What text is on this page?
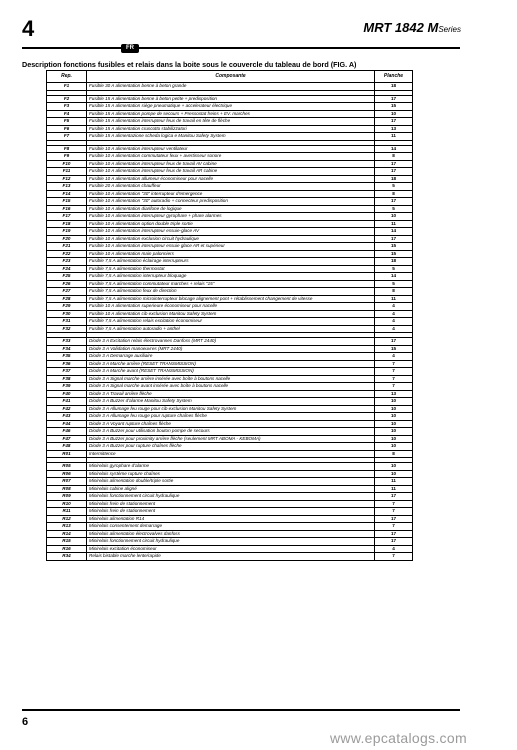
4	MRT 1842 MSeries
FR
Description fonctions fusibles et relais dans la boite sous le couvercle du tableau de bord (FIG. A)
Rep.	Composante	Planche
F1	Fusible 30 A alimentation benne à beton grande	18

F2	Fusible 15 A alimentation benne à beton petite + predisposition	17
F3	Fusible 15 A alimentation siège pneumatique + accelerateur électrique	15
F4	Fusible 15 A alimentation pompe de secours + Pressostat freins + EV. marches	10
F5	Fusible 15 A alimentation interrupteur feux de travail en tête de flèche	17
F6	Fusible 15 A alimentation cruscotto stabilizzatori	13
F7	Fusible 15 A alimentazione scheda logica e Manitou Safety System	11

F8	Fusible 10 A alimentation interrupteur ventilateur	14
F9	Fusible 10 A alimentation commutateur feux + avertisseur sonore	8
F10	Fusible 10 A alimentation interrupteur feux de travail AV cabine	17
F11	Fusible 10 A alimentation interrupteur feux de travail AR cabine	17
F12	Fusible 10 A alimentation allumeur économiseur pour nacelle	18
F13	Fusible 20 A alimentation chauffeur	5
F14	Fusible 10 A alimentation "30" interrupteur d'emergence	8
F15	Fusible 10 A alimentation "30" autoradio + connecteur predisposition	17
F16	Fusible 10 A alimentation diarifone de logique	5
F17	Fusible 10 A alimentation interrupteur gyrophare + phare alarmes	10
F18	Fusible 10 A alimentation option double triple sortie	11
F19	Fusible 10 A alimentation interrupteur essuie-glace AV	14
F20	Fusible 10 A alimentation exclusion circuit hydraulique	17
F21	Fusible 10 A alimentation interrupteur essuie glace AR et supérieur	15
F22	Fusible 10 A alimentation main palonniers	15
F23	Fusible 7,5 A alimentation éclairage interrupteurs	18
F24	Fusible 7,5 A alimentation thermostat	5
F25	Fusible 7,5 A alimentation interrupteur bloquage	14
F26	Fusible 7,5 A alimentation commutateur marches + relais "15"	5
F27	Fusible 7,5 A alimentation feux de direction	8
F28	Fusible 7,5 A alimentation microinterrupteur blocage alignement pont + rétablissement changement de vitesse	11
F29	Fusible 10 A alimentation superieure économiseur pour nacelle	4
F30	Fusible 10 A alimentation cib exclusion Manitou Safety System	4
F31	Fusible 7,5 A alimentation relais excitation économiseur	4
F32	Fusible 7,5 A alimentation autoradio + anthel	4

F33	Diode 3 A Excitation relais électrovannes Danfoss (MRT 2440)	17
F34	Diode 3 A Validation manoeuvres (MRT 2440)	15
F35	Diode 3 A Demarrage auxiliaire	4
F36	Diode 3 A Marche arrière (RESET TRANSMISSION)	7
F37	Diode 3 A Marche avant (RESET TRANSMISSION)	7
F38	Diode 3 A Signal marche arrière insérée avec boîte à boutons nacelle	7
F39	Diode 3 A Signal marche avant insérée avec boîte à boutons nacelle	7
F40	Diode 3 A Travail arrière flèche	13
F41	Diode 3 A Buzzer d'alarme Manitou Safety System	10
F42	Diode 3 A Allumage feu rouge pour cib exclusion Manitou Safety System	10
F43	Diode 3 A Allumage feu rouge pour rupture chaînes flèche	10
F44	Diode 3 A Voyant rupture chaînes flèche	10
F46	Diode 3 A Buzzer pour utilisation bouton pompe de secours	10
F47	Diode 3 A Buzzer pour proximity arrière flèche (seulement MRT ABOMA - KEBOMA)	10
F48	Diode 3 A Buzzer pour rupture chaînes flèche	10
R01	Intermittence	8

R05	Minirelais gyrophare d'alarme	10
R06	Minirelais système rupture chaînes	10
R07	Minirelais alimentation double/triple sortie	11
R08	Minirelais cabine aligné	11
R09	Minirelais fonctionnement circuit hydraulique	17
R10	Minirelais frein de stationnement	7
R11	Minirelais frein de stationnement	7
R12	Minirelais alimentation R14	17
R13	Minirelais consentement demarrage	7
R14	Minirelais alimentation électrovalves danfoss	17
R15	Minirelais fonctionnement circuit hydraulique	17
R16	Minirelais excitation économiseur	4
R34	Relais bistable marche lente/rapide	7
6
www.epcatalogs.com
